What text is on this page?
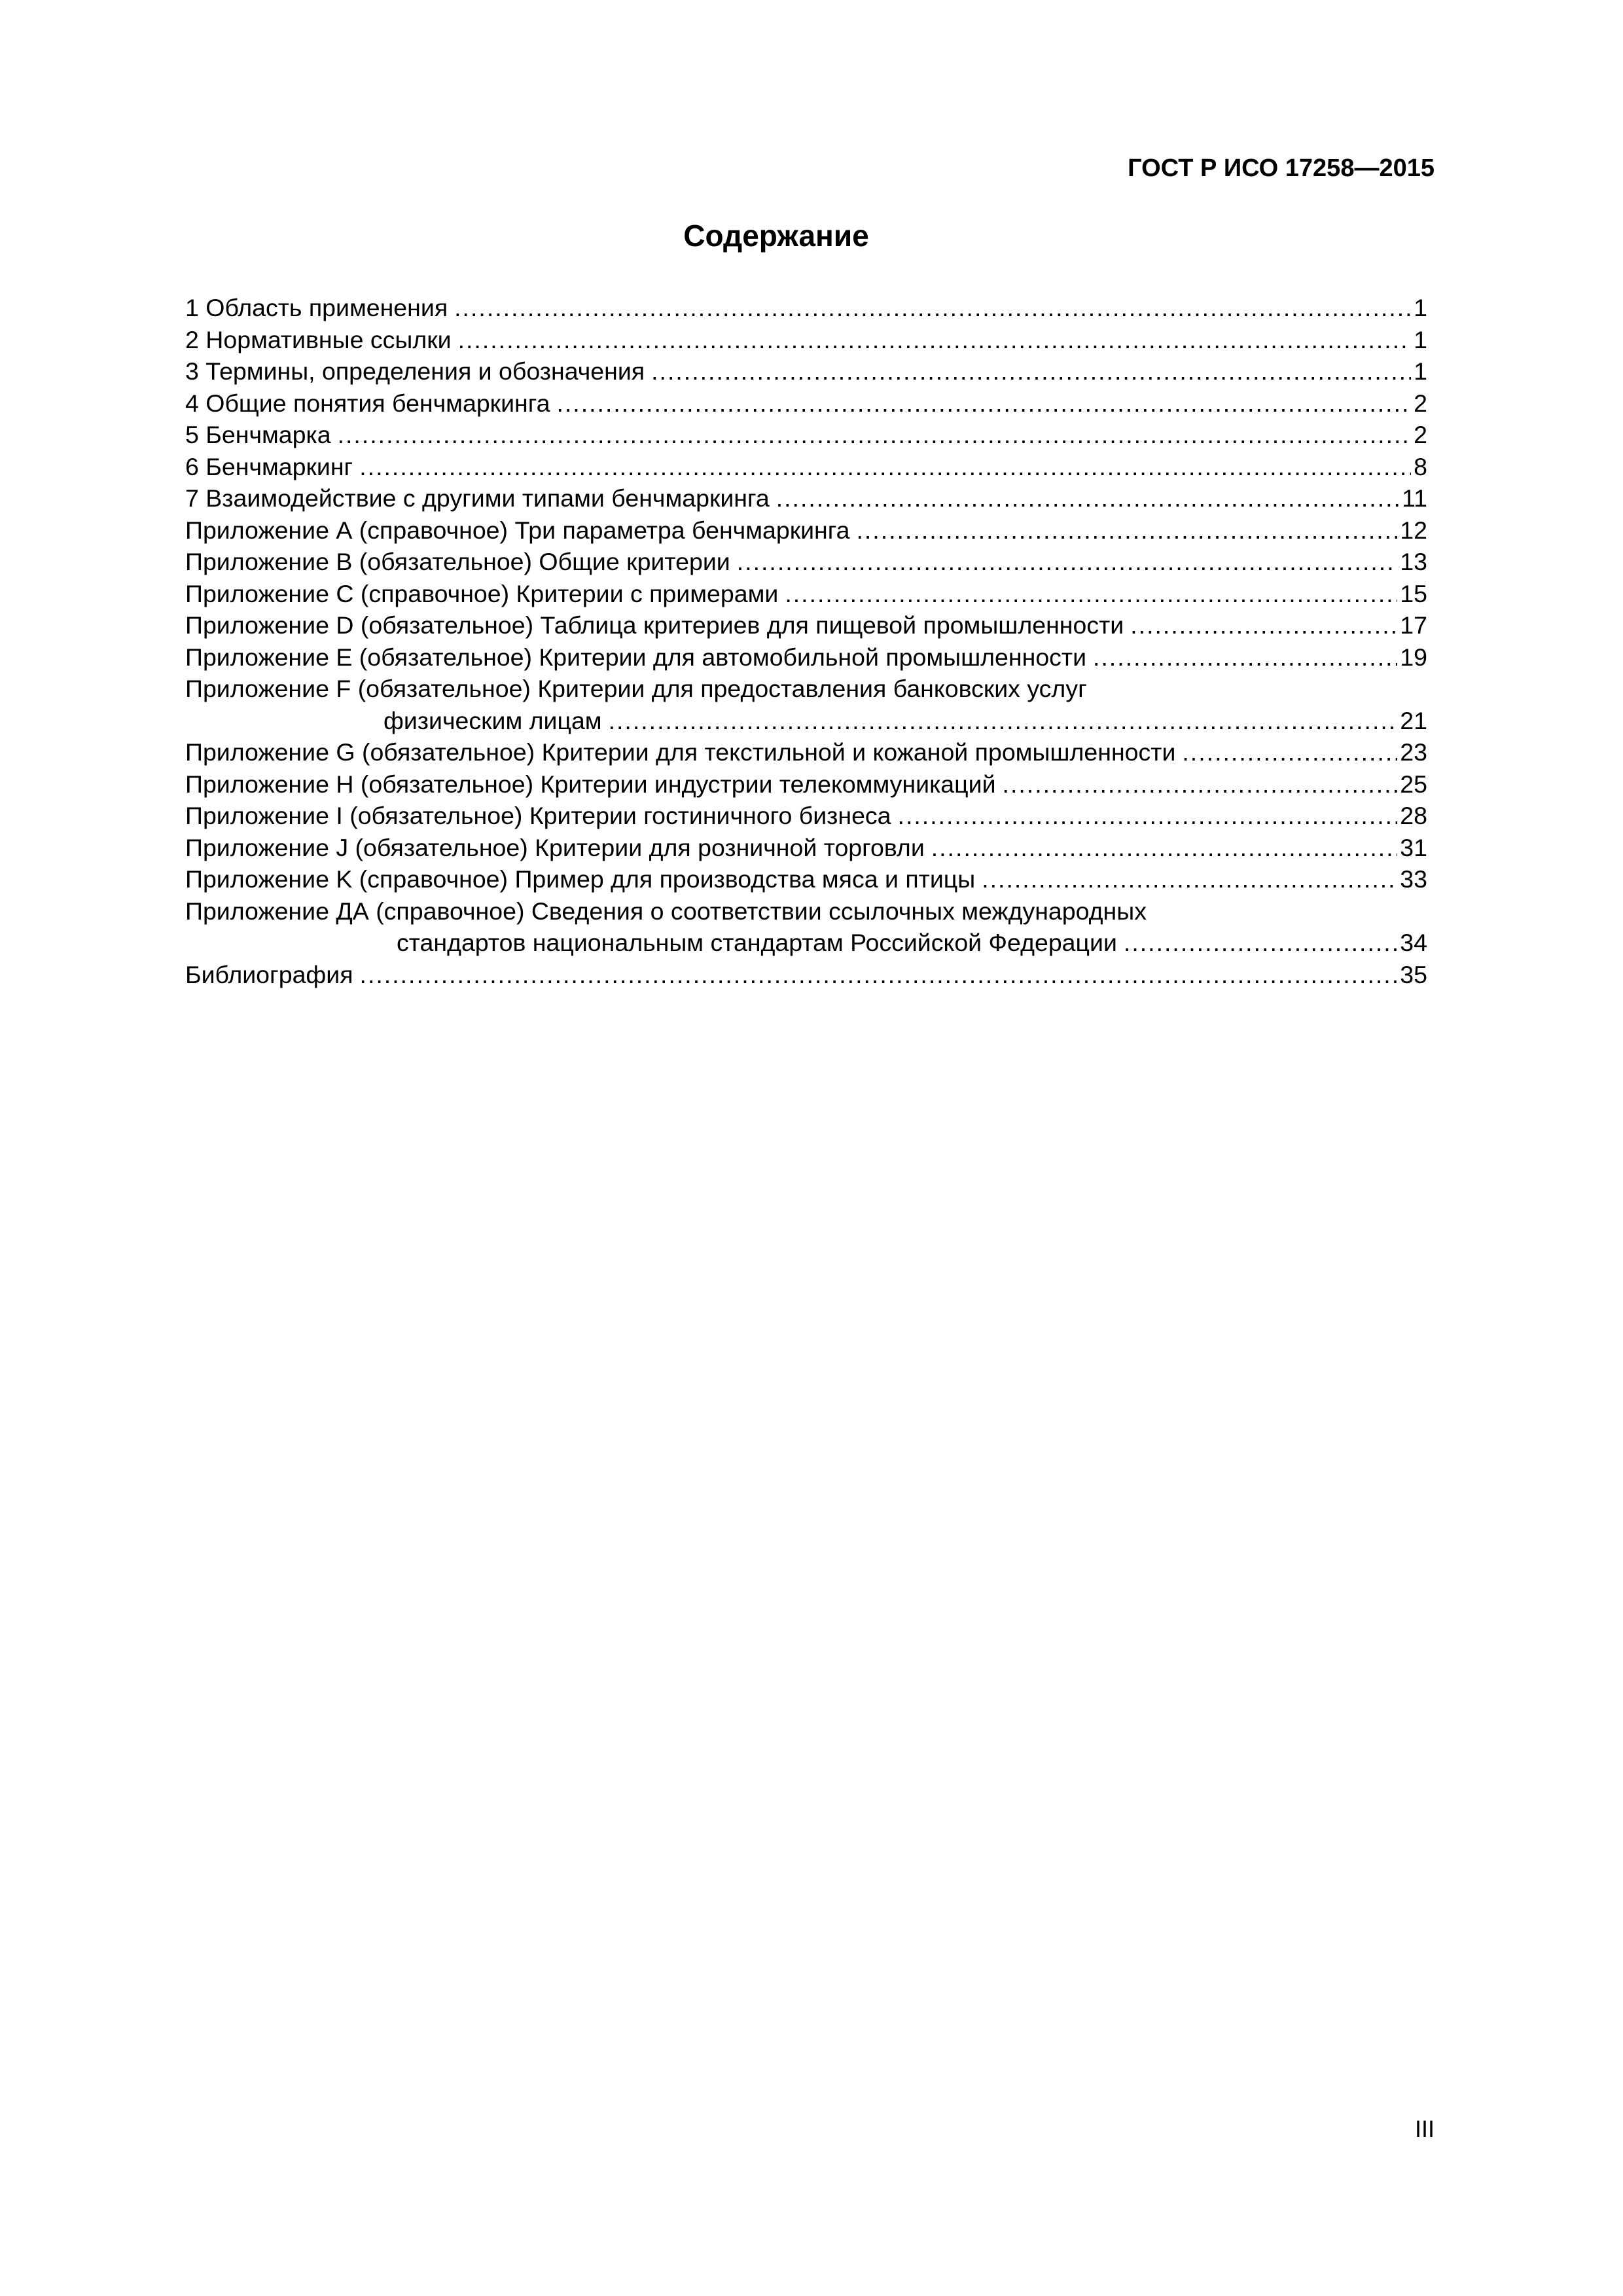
ГОСТ Р ИСО 17258—2015
Содержание
1 Область применения .....	1
2 Нормативные ссылки .....	1
3 Термины, определения и обозначения .....	1
4 Общие понятия бенчмаркинга .....	2
5 Бенчмарка .....	2
6 Бенчмаркинг .....	8
7 Взаимодействие с другими типами бенчмаркинга .....	11
Приложение А (справочное) Три параметра бенчмаркинга .....	12
Приложение В (обязательное) Общие критерии .....	13
Приложение С (справочное) Критерии с примерами .....	15
Приложение D (обязательное) Таблица критериев для пищевой промышленности .....	17
Приложение Е (обязательное) Критерии для автомобильной промышленности .....	19
Приложение F (обязательное) Критерии для предоставления банковских услуг
физическим лицам .....	21
Приложение G (обязательное) Критерии для текстильной и кожаной промышленности .....	23
Приложение Н (обязательное) Критерии индустрии телекоммуникаций .....	25
Приложение I (обязательное) Критерии гостиничного бизнеса .....	28
Приложение J (обязательное) Критерии для розничной торговли .....	31
Приложение K (справочное) Пример для производства мяса и птицы .....	33
Приложение ДА (справочное) Сведения о соответствии ссылочных международных
стандартов национальным стандартам Российской Федерации .....	34
Библиография .....	35
III
